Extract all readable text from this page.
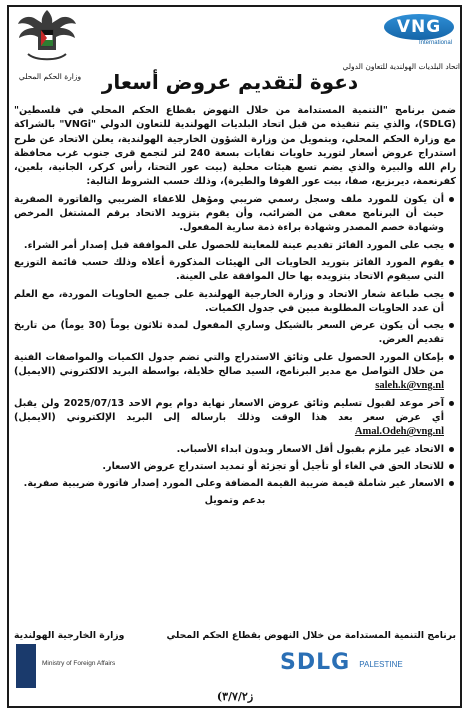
VNG
International
اتحاد البلديات الهولندية للتعاون الدولي
وزارة الحكم المحلي	دعوة لتقديم عروض أسعار

ضمن برنامج "التنمية المستدامة من خلال النهوض بقطاع الحكم المحلي في فلسطين" (SDLG)، والذي يتم تنفيذه من قبل اتحاد البلديات الهولندية للتعاون الدولي "VNGi" بالشراكة مع وزارة الحكم المحلي، وبتمويل من وزارة الشؤون الخارجية الهولندية، يعلن الاتحاد عن طرح استدراج عروض أسعار لتوريد حاويات نفايات بسعة 240 لتر لتجمع قرى جنوب غرب محافظة رام الله والبيرة والذي يضم تسع هيئات محلية (بيت عور التحتا، رأس كركر، الجانية، بلعين، كفرنعمة، ديربزيع، صفا، بيت عور الفوقا والطيرة)، وذلك حسب الشروط التالية:

أن يكون للمورد ملف وسجل رسمي ضريبي ومؤهل للاعفاء الضريبي والفاتورة الصفرية حيث أن البرنامج معفى من الضرائب، وأن يقوم بتزويد الاتحاد برقم المشتغل المرخص وشهادة خصم المصدر وشهادة براءة ذمة سارية المفعول.
يجب على المورد الفائز تقديم عينة للمعاينة للحصول على الموافقة قبل إصدار أمر الشراء.
يقوم المورد الفائز بتوريد الحاويات الى الهيئات المذكورة أعلاه وذلك حسب قائمة التوزيع التي سيقوم الاتحاد بتزويده بها حال الموافقة على العينة.
يجب طباعة شعار الاتحاد و وزارة الخارجية الهولندية على جميع الحاويات الموردة، مع العلم أن عدد الحاويات المطلوبة مبين في جدول الكميات.
يجب أن يكون عرض السعر بالشيكل وساري المفعول لمدة ثلاثون يوماً (30 يوماً) من تاريخ تقديم العرض.
بإمكان المورد الحصول على وثائق الاستدراج والتي تضم جدول الكميات والمواصفات الفنية من خلال التواصل مع مدير البرنامج، السيد صالح خلايلة، بواسطة البريد الالكتروني (الايميل) saleh.k@vng.nl
آخر موعد لقبول تسليم وثائق عروض الاسعار نهاية دوام يوم الاحد 2025/07/13 ولن يقبل أي عرض سعر بعد هذا الوقت وذلك بارساله إلى البريد الإلكتروني (الايميل) Amal.Odeh@vng.nl
الاتحاد غير ملزم بقبول أقل الاسعار وبدون ابداء الأسباب.
للاتحاد الحق في الغاء أو تأجيل أو تجزئة أو تمديد استدراج عروض الاسعار.
الاسعار غير شاملة قيمة ضريبة القيمة المضافة وعلى المورد إصدار فاتورة ضريبية صفرية.

بدعم وتمويل

برنامج التنمية المستدامة من خلال النهوض بقطاع الحكم المحلي
وزارة الخارجية الهولندية
Ministry of Foreign Affairs	SDLG PALESTINE
ز٣/٧/٢)
